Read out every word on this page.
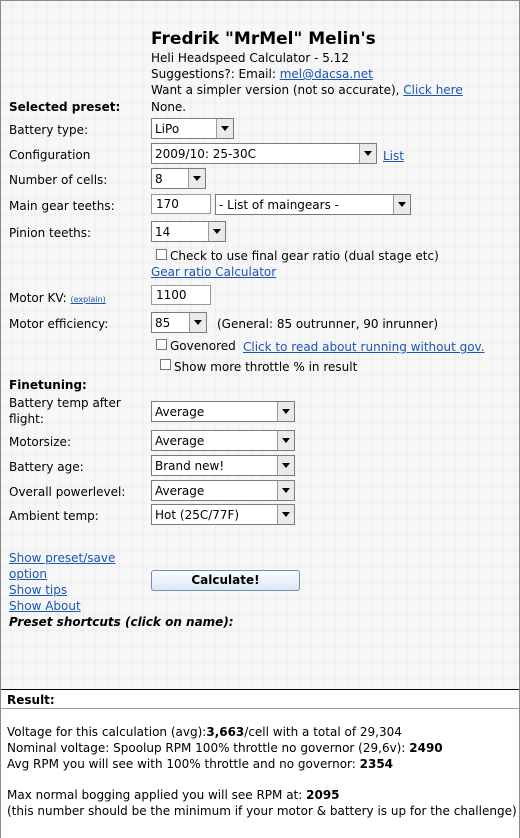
Fredrik "MrMel" Melin's
Heli Headspeed Calculator - 5.12
Suggestions?: Email: mel@dacsa.net
Want a simpler version (not so accurate), Click here
Selected preset:	None.
Battery type:	LiPo
Configuration	2009/10: 25-30C	List
Number of cells:	8
Main gear teeths:
170	- List of maingears -
Pinion teeths:	14
Check to use final gear ratio (dual stage etc)
Gear ratio Calculator
Motor KV: (explain)
1100
Motor efficiency:	85	(General: 85 outrunner, 90 inrunner)
Govenored Click to read about running without gov.
Show more throttle % in result
Finetuning:
Battery temp after
flight:	Average
Motorsize:	Average
Battery age:	Brand new!
Overall powerlevel: Average
Ambient temp:	Hot (25C/77F)
Show preset/save
option
Show tips
Show About
Calculate!
Preset shortcuts (click on name):
Result:
Voltage for this calculation (avg):3,663/cell with a total of 29,304
Nominal voltage: Spoolup RPM 100% throttle no governor (29,6v): 2490
Avg RPM you will see with 100% throttle and no governor: 2354
Max normal bogging applied you will see RPM at: 2095
(this number should be the minimum if your motor & battery is up for the challenge)
